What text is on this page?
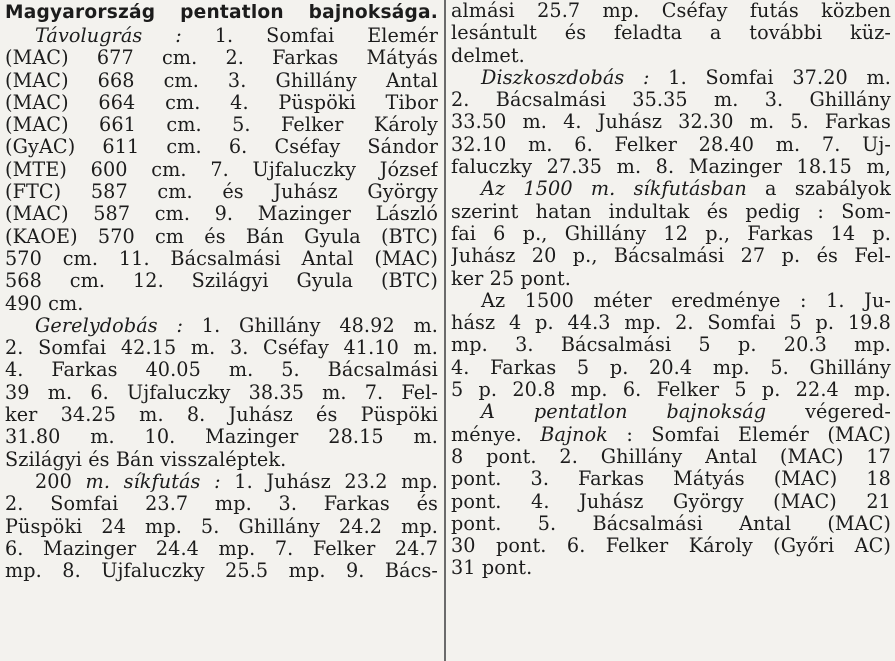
Magyarország pentatlon bajnoksága.
Távolugrás : 1. Somfai Elemér
(MAC) 677 cm. 2. Farkas Mátyás
(MAC) 668 cm. 3. Ghillány Antal
(MAC) 664 cm. 4. Püspöki Tibor
(MAC) 661 cm. 5. Felker Károly
(GyAC) 611 cm. 6. Cséfay Sándor
(MTE) 600 cm. 7. Ujfaluczky József
(FTC) 587 cm. és Juhász György
(MAC) 587 cm. 9. Mazinger László
(KAOE) 570 cm és Bán Gyula (BTC)
570 cm. 11. Bácsalmási Antal (MAC)
568 cm. 12. Szilágyi Gyula (BTC)
490 cm.
Gerelydobás : 1. Ghillány 48.92 m.
2. Somfai 42.15 m. 3. Cséfay 41.10 m.
4. Farkas 40.05 m. 5. Bácsalmási
39 m. 6. Ujfaluczky 38.35 m. 7. Fel-
ker 34.25 m. 8. Juhász és Püspöki
31.80 m. 10. Mazinger 28.15 m.
Szilágyi és Bán visszaléptek.
200 m. síkfutás : 1. Juhász 23.2 mp.
2. Somfai 23.7 mp. 3. Farkas és
Püspöki 24 mp. 5. Ghillány 24.2 mp.
6. Mazinger 24.4 mp. 7. Felker 24.7
mp. 8. Ujfaluczky 25.5 mp. 9. Bács-
almási 25.7 mp. Cséfay futás közben
lesántult és feladta a további küz-
delmet.
Diszkoszdobás : 1. Somfai 37.20 m.
2. Bácsalmási 35.35 m. 3. Ghillány
33.50 m. 4. Juhász 32.30 m. 5. Farkas
32.10 m. 6. Felker 28.40 m. 7. Uj-
faluczky 27.35 m. 8. Mazinger 18.15 m,
Az 1500 m. síkfutásban a szabályok
szerint hatan indultak és pedig : Som-
fai 6 p., Ghillány 12 p., Farkas 14 p.
Juhász 20 p., Bácsalmási 27 p. és Fel-
ker 25 pont.
Az 1500 méter eredménye : 1. Ju-
hász 4 p. 44.3 mp. 2. Somfai 5 p. 19.8
mp. 3. Bácsalmási 5 p. 20.3 mp.
4. Farkas 5 p. 20.4 mp. 5. Ghillány
5 p. 20.8 mp. 6. Felker 5 p. 22.4 mp.
A pentatlon bajnokság végered-
ménye. Bajnok : Somfai Elemér (MAC)
8 pont. 2. Ghillány Antal (MAC) 17
pont. 3. Farkas Mátyás (MAC) 18
pont. 4. Juhász György (MAC) 21
pont. 5. Bácsalmási Antal (MAC)
30 pont. 6. Felker Károly (Győri AC)
31 pont.
